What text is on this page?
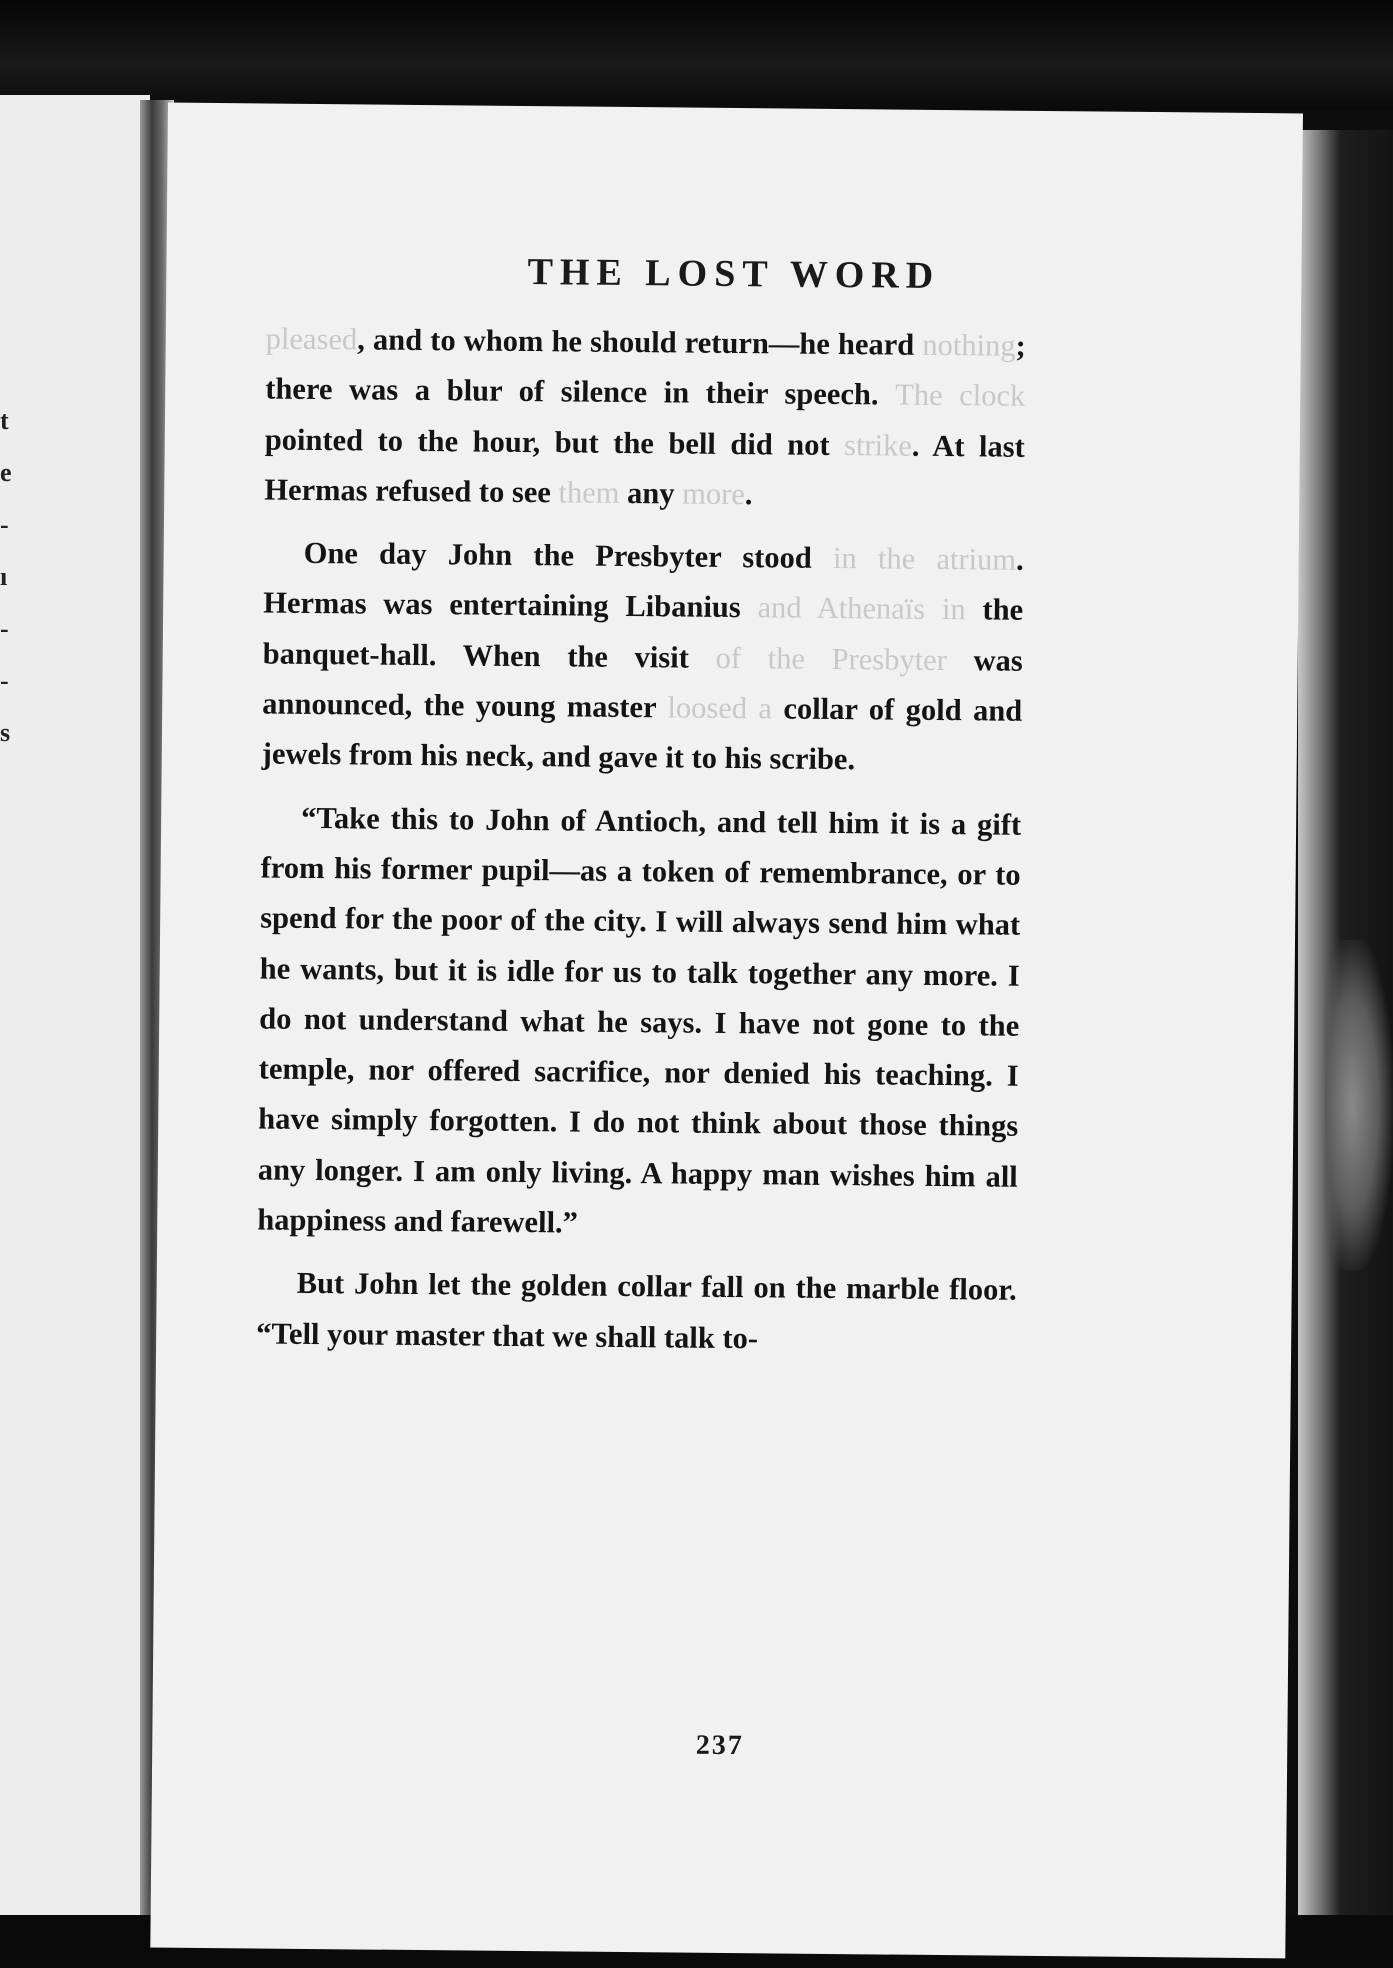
t
e
-
ı
-
-
s
THE LOST WORD

pleased, and to whom he should return—he heard nothing; there was a blur of silence in their speech. The clock pointed to the hour, but the bell did not strike. At last Hermas refused to see them any more.

One day John the Presbyter stood in the atrium. Hermas was entertaining Libanius and Athenaïs in the banquet-hall. When the visit of the Presbyter was announced, the young master loosed a collar of gold and jewels from his neck, and gave it to his scribe.

“Take this to John of Antioch, and tell him it is a gift from his former pupil—as a token of remembrance, or to spend for the poor of the city. I will always send him what he wants, but it is idle for us to talk together any more. I do not understand what he says. I have not gone to the temple, nor offered sacrifice, nor denied his teaching. I have simply forgotten. I do not think about those things any longer. I am only living. A happy man wishes him all happiness and farewell.”

But John let the golden collar fall on the marble floor. “Tell your master that we shall talk to-

237
